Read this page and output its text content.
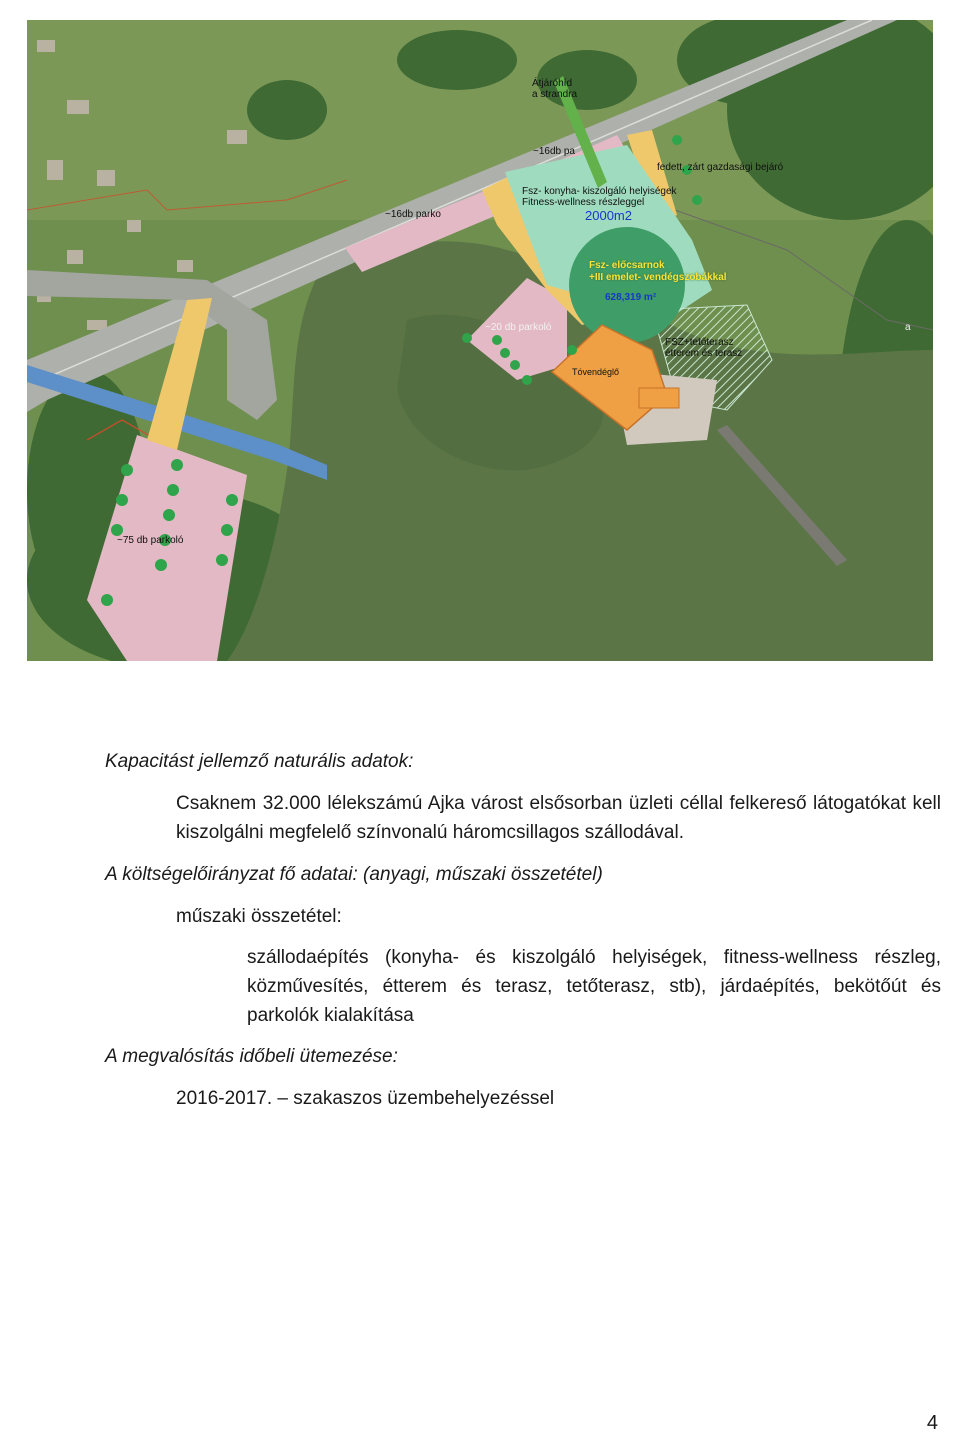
Átjáróhíd
a strandra
~16db pa
fedett, zárt gazdasági bejáró
Fsz- konyha- kiszolgáló helyiségek
Fitness-wellness részleggel
2000m2
~16db parko
Fsz- előcsarnok
+III emelet- vendégszobákkal
628,319 m²
~20 db parkoló
FSZ+tetőterasz
étterem és terasz
Tóvendéglő
~75 db parkoló
a
Kapacitást jellemző naturális adatok:
Csaknem 32.000 lélekszámú Ajka várost elsősorban üzleti céllal felkereső látogatókat kell kiszolgálni megfelelő színvonalú háromcsillagos szállodával.
A költségelőirányzat fő adatai: (anyagi, műszaki összetétel)
műszaki összetétel:
szállodaépítés (konyha- és kiszolgáló helyiségek, fitness-wellness részleg, közművesítés, étterem és terasz, tetőterasz, stb), járdaépítés, bekötőút és parkolók kialakítása
A megvalósítás időbeli ütemezése:
2016-2017. – szakaszos üzembehelyezéssel
4
